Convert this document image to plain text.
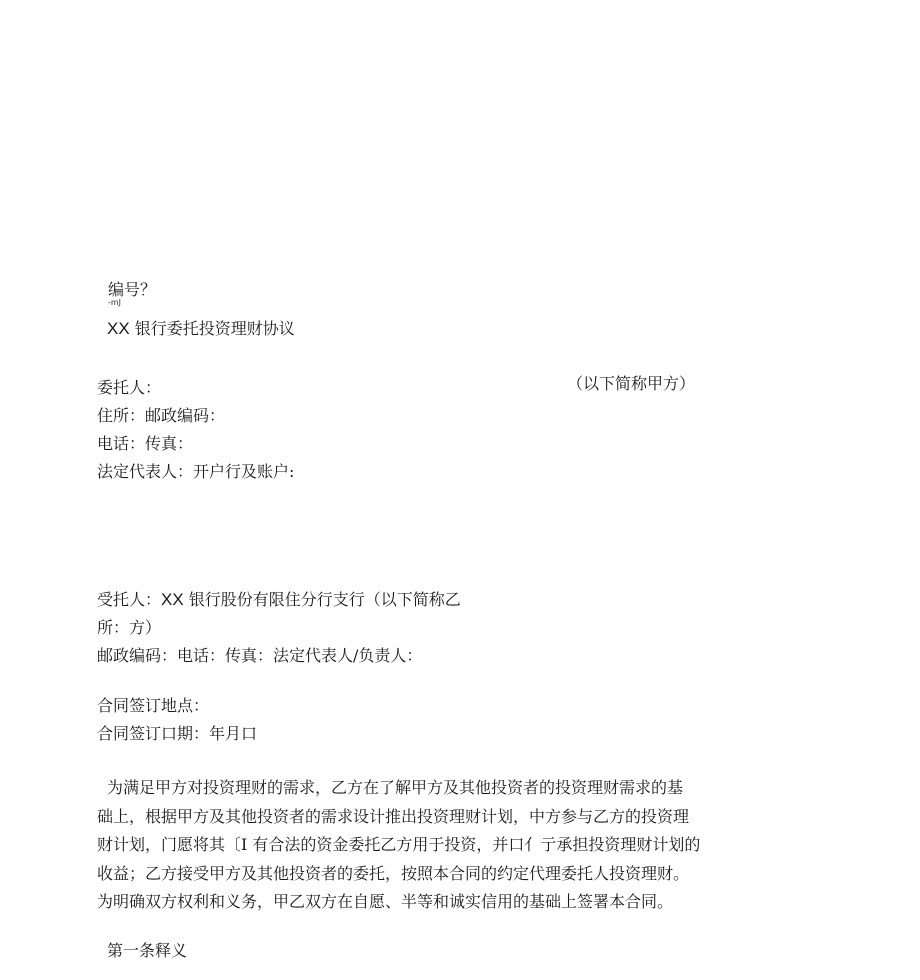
编号？
-mJ
XX 银行委托投资理财协议
委托人：	（以下简称甲方）
住所：邮政编码：
电话：传真：
法定代表人：开户行及账户:
受托人：XX 银行股份有限住分行支行（以下简称乙
所：方）
邮政编码：电话：传真：法定代表人/负责人：
合同签订地点：
合同签订口期：年月口
为满足甲方对投资理财的需求，乙方在了解甲方及其他投资者的投资理财需求的基
础上，根据甲方及其他投资者的需求设计推出投资理财计划，中方参与乙方的投资理
财计划，门愿将其〔I 有合法的资金委托乙方用于投资，并口亻亍承担投资理财计划的
收益；乙方接受甲方及其他投资者的委托，按照本合同的约定代理委托人投资理财。
为明确双方权利和义务，甲乙双方在自愿、半等和诚实信用的基础上签署本合同。
第一条释义
